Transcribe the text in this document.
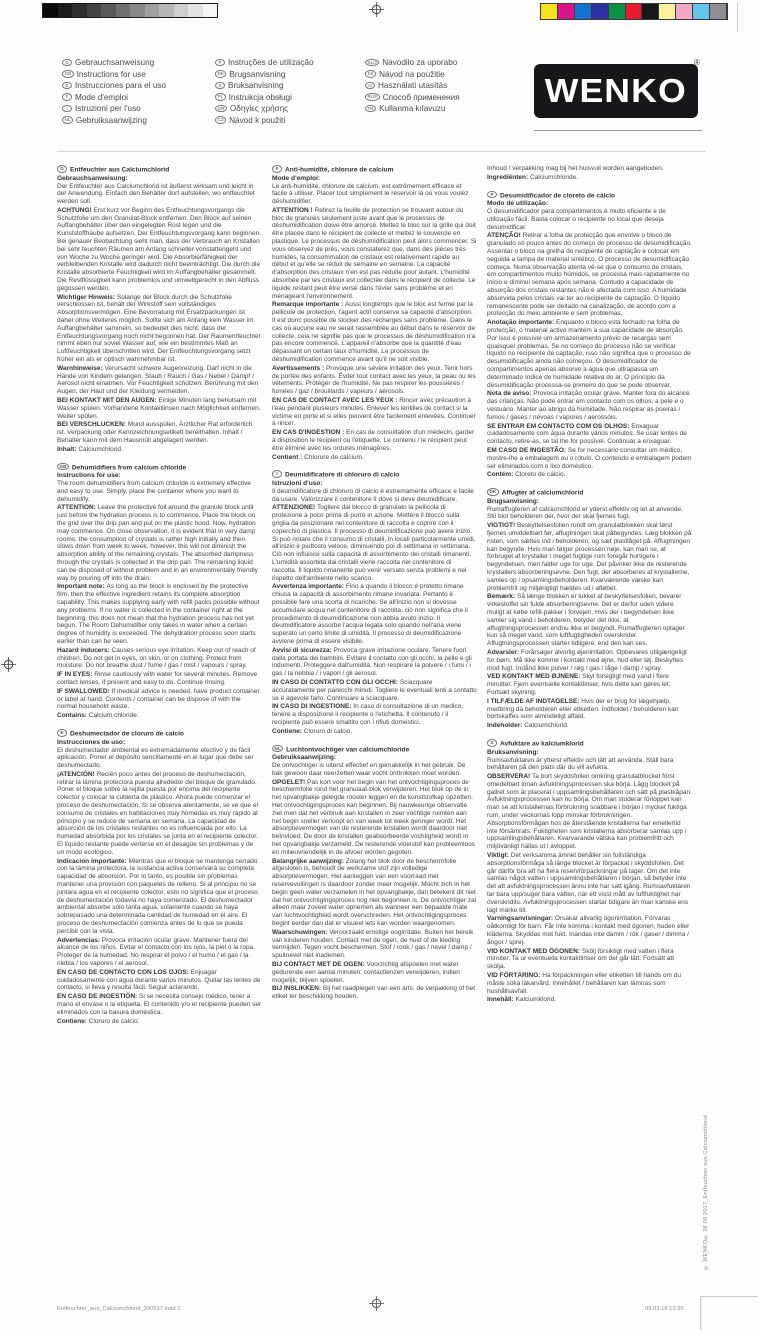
D Gebrauchsanweisung
GB Instructions for use
E Instrucciones para el uso
F Mode d'emploi
I Istruzioni per l'uso
NL Gebruiksaanwijzing
P Instruções de utilização
DK Brugsanvisning
S Bruksanvisning
PL Instrukcja obsługi
GR Οδηγίες χρήσης
CZ Návod k použití
SLO Navodilo za uporabo
SK Návod na použitie
H Használati utasítás
RUS Способ применения
TR Kullanma kılavuzu	WENKO
®
D Entfeuchter aus Calciumchlorid
Gebrauchsanweisung:
Der Entfeuchter aus Calciumchlorid ist äußerst wirksam und leicht in der Anwendung. Einfach den Behälter dort aufstellen, wo entfeuchtet werden soll.
ACHTUNG! Erst kurz vor Beginn des Entfeuchtungsvorgangs die Schutzfolie um den Granulat-Block entfernen. Den Block auf seinen Auffangbehälter über den eingelegten Rost legen und die Kunststoffhaube aufsetzen. Der Entfeuchtungsvorgang kann beginnen. Bei genauer Beobachtung sieht man, dass der Verbrauch an Kristallen bei sehr feuchten Räumen am Anfang schneller vonstattengeht und von Woche zu Woche geringer wird. Die Absorbierfähigkeit der verbleibenden Kristalle wird dadurch nicht beeinträchtigt. Die durch die Kristalle absorbierte Feuchtigkeit wird im Auffangbehälter gesammelt. Die Restflüssigkeit kann problemlos und umweltgerecht in den Abfluss gegossen werden.
Wichtiger Hinweis: Solange der Block durch die Schutzfolie verschlossen ist, behält der Wirkstoff sein vollständiges Absorptionsvermögen. Eine Bevorratung mit Ersatzpackungen ist daher ohne Weiteres möglich. Sollte sich am Anfang kein Wasser im Auffangbehälter sammeln, so bedeutet dies nicht, dass der Entfeuchtungsvorgang noch nicht begonnen hat. Der Raumentfeuchter nimmt eben nur soviel Wasser auf, wie ein bestimmtes Maß an Luftfeuchtigkeit überschritten wird. Der Entfeuchtungsvorgang setzt früher ein als er optisch wahrnehmbar ist.
Warnhinweise: Verursacht schwere Augenreizung. Darf nicht in die Hände von Kindern gelangen. Staub / Rauch / Gas / Nebel / Dampf / Aerosol nicht einatmen. Vor Feuchtigkeit schützen. Berührung mit den Augen, der Haut und der Kleidung vermeiden.
BEI KONTAKT MIT DEN AUGEN: Einige Minuten lang behutsam mit Wasser spülen. Vorhandene Kontaktlinsen nach Möglichkeit entfernen. Weiter spülen.
BEI VERSCHLUCKEN: Mund ausspülen. Ärztlicher Rat erforderlich ist. Verpackung oder Kennzeichnungsetikett bereithalten. Inhalt / Behälter kann mit dem Hausmüll abgelagert werden.
Inhalt: Calciumchlorid.
GB Dehumidifiers from calcium chloride
Instructions for use:
The room dehumidifiers from calcium chloride is extremely effective and easy to use. Simply, place the container where you want to dehumidify.
ATTENTION: Leave the protective foil around the granule block until just before the hydration process is to commence. Place the block on the grid over the drip pan and put on the plastic hood. Now, hydration may commence. On close observation, it is evident that in very damp rooms, the consumption of crystals is rather high initially and then slows down from week to week, however, this will not diminish the absorption ability of the remaining crystals. The absorbed dampness through the crystals is collected in the drip pan. The remaining liquid can be disposed of without problem and in an environmentally friendly way by pouring off into the drain.
Important note: As long as the block is enclosed by the protective film, then the effective ingredient retains its complete absorption capability. This makes supplying early with refill packs possible without any problems. If no water is collected in the container right at the beginning, this does not mean that the hydration process has not yet begun. The Room Dehumidifier only takes in water when a certain degree of humidity is exceeded. The dehydration process soon starts earlier than can be seen.
Hazard inducers: Causes serious eye irritation. Keep out of reach of children. Do not get in eyes, on skin, or on clothing. Protect from moisture. Do not breathe dust / fume / gas / mist / vapours / spray.
IF IN EYES: Rinse cautiously with water for several minutes. Remove contact lenses, if present and easy to do. Continue rinsing.
IF SWALLOWED: If medical advice is needed, have product container or label at hand. Contents / container can be dispose of with the normal household waste.
Contains: Calcium chloride.
E Deshumectador de cloruro de calcio
Instrucciones de uso:
El deshumectador ambiental es extremadamente efectivo y de fácil aplicación. Poner el depósito sencillamente en el lugar que debe ser deshumectado.
¡ATENCIÓN! Recién poco antes del proceso de deshumectación, retirar la lámina protectora puesta alrededor del bloque de granulado. Poner el bloque sobre la rejilla puesta por encima del recipiente colector y colocar la cubierta de plástico. Ahora puede comenzar el proceso de deshumectación. Si se observa atentamente, se ve que el consumo de cristales en habitaciones muy húmedas es muy rápido al principio y se reduce de semana en semana. La capacidad de absorción de los cristales restantes no es influenciada por ello. La humedad absorbida por los cristales se junta en el recipiente colector. El líquido restante puede verterse en el desagüe sin problemas y de un modo ecológico.
Indicación importante: Mientras que el bloque se mantenga cerrado con la lámina protectora, la sustancia activa conservará su completa capacidad de absorción. Por lo tanto, es posible sin problemas mantener una provisión con paquetes de relleno. Si al principio no se juntara agua en el recipiente colector, esto no significa que el proceso de deshumectación todavía no haya comenzado. El deshumectador ambiental absorbe sólo tanta agua, solamente cuando se haya sobrepasado una determinada cantidad de humedad en el aire. El proceso de deshumectación comienza antes de lo que se pueda percibir con la vista.
Advertencias: Provoca irritación ocular grave. Mantener fuera del alcance de los niños. Evitar el contacto con los ojos, la piel o la ropa. Proteger de la humedad. No respirar el polvo / el humo / el gas / la niebla / los vapores / el aerosol.
EN CASO DE CONTACTO CON LOS OJOS: Enjuagar cuidadosamente con agua durante varios minutos. Quitar las lentes de contacto, si lleva y resulta fácil. Seguir aclarando.
EN CASO DE INGESTIÓN: Si se necesita consejo médico, tener a mano el envase o la etiqueta. El contenido y/o el recipiente pueden ser eliminados con la basura doméstica.
Contiene: Cloruro de calcio.
F Anti-humidité, chlorure de calcium
Mode d'emploi:
Le anti-humidité, chlorure de calcium, est extrêmement efficace et facile à utiliser. Placer tout simplement le réservoir là où vous voulez déshumidifier.
ATTENTION ! Retirez la feuille de protection se trouvant autour du bloc de granulés seulement juste avant que le processus de déshumidification doive être amorcé. Mettez le bloc sur la grille qui doit être placée dans le récipient de collecte et mettez le couvercle en plastique. Le processus de déshumidification peut alors commencer. Si vous observez de près, vous constaterez que, dans des pièces très humides, la consommation de cristaux est relativement rapide au début et qu'elle se réduit de semaine en semaine. La capacité d'absorption des cristaux n'en est pas réduite pour autant. L'humidité absorbée par les cristaux est collectée dans le récipient de collecte. Le liquide restant peut être versé dans l'évier sans problème et en ménageant l'environnement.
Remarque importante : Aussi longtemps que le bloc est fermé par la pellicule de protection, l'agent actif conserve sa capacité d'absorption. Il est donc possible de stocker des recharges sans problème. Dans le cas où aucune eau ne serait rassemblée au début dans le réservoir de collecte, cela ne signifie pas que le processus de déshumidification n'a pas encore commencé. L'appareil n'absorbe que la quantité d'eau dépassant un certain taux d'humidité. Le processus de déshumidification commence avant qu'il ne soit visible.
Avertissements : Provoque une sévère irritation des yeux. Tenir hors de portée des enfants. Éviter tout contact avec les yeux, la peau ou les vêtements. Protéger de l'humidité. Ne pas respirer les poussières / fumées / gaz / brouillards / vapeurs / aérosols.
EN CAS DE CONTACT AVEC LES YEUX : Rincer avec précaution à l'eau pendant plusieurs minutes. Enlever les lentilles de contact si la victime en porte et si elles peuvent être facilement enlevées. Continuer à rincer.
EN CAS D'INGESTION : En cas de consultation d'un médecin, garder à disposition le récipient ou l'étiquette. Le contenu / le récipient peut être éliminé avec les ordures ménagères.
Contient : Chlorure de calcium.
I Deumidificatore di chloruro di calcio
Istruzioni d'uso:
Il deumidificatore di chloruro di calcio è estremamente efficace e facile da usare. Valorizzare il contenitore lì dove si deve deumidificare.
ATTENZIONE! Togliere dal blocco di granulato la pellicola di protezione a poco prima di porre in azione. Mettere il blocco sulla griglia da posizionare nel contenitore di raccolta e coprire con il coperchio di plastica. Il processo di deumidificazione può avere inizio. Si può notare che il consumo di cristalli, in locali particolarmente umidi, all'inizio è piuttosto veloce, diminuendo poi di settimana in settimana. Ciò non influisce sulla capacità di assorbimento dei cristalli rimanenti. L'umidità assorbita dai cristalli viene raccolta nel contenitore di raccolta. Il liquido rimanente può venir versato senza problemi e nel rispetto dell'ambiente nello scarico.
Avvertenza importante: Fino a quando il blocco è protetto rimane chiusa la capacità di assorbimento rimane invariata. Pertanto è possibile fare una scorta di ricariche. Se all'inizio non si dovesse accumulare acqua nel contenitore di raccolta, ciò non significa che il procedimento di deumidificazione non abbia avuto inizio. Il deumidificatore assorbe l'acqua legata solo quando nell'aria viene superato un certo limite di umidità. Il processo di deumidificazione avviene prima di essere visibile.
Avvisi di sicurezza: Provoca grave irritazione oculare. Tenere fuori dalla portata dei bambini. Evitare il contatto con gli occhi, la pelle e gli indumenti. Proteggere dall'umidità. Non respirare la polvere / i fumi / i gas / la nebbia / i vapori / gli aerosol.
IN CASO DI CONTATTO CON GLI OCCHI: Sciacquare accuratamente per parecchi minuti. Togliere le eventuali lenti a contatto se è agevole farlo. Continuare a sciacquare.
IN CASO DI INGESTIONE: In caso di consultazione di un medico, tenere a disposizione il recipiente o l'etichetta. Il contenuto / il recipiente può essere smaltito con i rifiuti domestici.
Contiene: Cloruro di calcio.
NL Luchtontvochtiger van calciumchloride
Gebruiksaanwijzing:
De ontvochtiger is uiterst effectief en gemakkelijk in het gebruik. De bak gewoon daar neerzetten waar vocht onttrokken moet worden.
OPGELET! Pas kort voor het begin van het ontvochtigingsproces de beschermfolie rond het granulaat-blok verwijderen. Het blok op de in het opvangbakje gelegde rooster leggen en de kunststofkap opzetten. Het ontvochtigingsproces kan beginnen. Bij nauwkeurige observatie ziet men dat het verbruik aan kristallen in zeer vochtige ruimten aan het begin sneller verloopt en van week tot week geringer wordt. Het absorptievermogen van de resterende kristallen wordt daardoor niet beïnvloed. De door de kristallen geabsorbeerde vochtigheid wordt in het opvangbakje verzameld. De resterende vloeistof kan probleemloos en milieuvriendelijk in de afvoer worden gegoten.
Belangrijke aanwijzing: Zolang het blok door de beschermfolie afgesloten is, behoudt de werkzame stof zijn volledige absorptievermogen. Het aanleggen van een voorraad met reservevullingen is daardoor zonder meer mogelijk. Mocht zich in het begin geen water verzamelen in het opvangbakje, dan betekent dit niet dat het ontvochtigingsproces nog niet begonnen is. De ontvochtiger zal alleen maar zoveel water opnemen als wanneer een bepaalde mate van luchtvochtigheid wordt overschreden. Het ontvochtigingsproces begint eerder dan dat er visueel iets kan worden waargenomen.
Waarschuwingen: Veroorzaakt ernstige oogirritatie. Buiten het bereik van kinderen houden. Contact met de ogen, de huid of de kleding vermijden. Tegen vocht beschermen. Stof / rook / gas / nevel / damp / spuitnevel niet inademen.
BIJ CONTACT MET DE OGEN: Voorzichtig afspoelen met water gedurende een aantal minuten; contactlenzen verwijderen, indien mogelijk; blijven spoelen.
BIJ INSLIKKEN: Bij het raadplegen van een arts: de verpakking of het etiket ter beschikking houden.
Inhoud / verpakking mag bij het huisvuil worden aangeboden.
Ingrediënten: Calciumchloride.
P Desumidificador de cloreto de cálcio
Modo de utilização:
O desumidificador para compartimentos é muito eficiente e de utilização fácil. Basta colocar o recipiente no local que deseja desumidificar.
ATENÇÃO! Retirar a folha de protecção que envolve o bloco de granulado só pouco antes do começo do processo de desumidificação. Assentar o bloco na grelha do recipiente de captação e colocar em seguida a tampa de material sintético. O processo de desumidificação começa. Numa observação atenta vê-se que o consumo de cristais, em compartimentos muito húmidos, se processa mais rapidamente no início e diminui semana após semana. Contudo a capacidade de absorção dos cristais restantes não é afectada com isso. A humidade absorvida pelos cristais vai ter ao recipiente de captação. O líquido remanescente pode ser deitado na canalização, de acordo com a protecção do meio ambiente e sem problemas.
Anotação importante: Enquanto o bloco está fechado na folha de protecção, o material activo mantém a sua capacidade de absorção. Por isso é possível um armazenamento prévio de recargas sem quaisquer problemas. Se no começo do processo não se verificar líquido no recipiente de captação, isso não significa que o processo de desumidificação ainda não começou. O desumidificador de compartimentos apenas absorve a água que ultrapassa um determinado índice de humidade relativa do ar. O princípio da desumidificação processa-se primeiro do que se pode observar.
Nota de aviso: Provoca irritação ocular grave. Manter fora do alcance das crianças. Não pode entrar em contacto com os olhos, a pele e o vestuário. Manter ao abrigo da humidade. Não respirar as poeiras / fumos / gases / névoas / vapores / aerossóis.
SE ENTRAR EM CONTACTO COM OS OLHOS: Enxaguar cuidadosamente com água durante vários minutos. Se usar lentes de contacto, retire-as, se tal lhe for possível. Continuar a enxaguar.
EM CASO DE INGESTÃO: Se for necessário consultar um médico, mostre-lhe a embalagem ou o rótulo. O conteúdo e embalagem podem ser eliminados com o lixo doméstico.
Contém: Cloreto de cálcio.
DK Affugter af calciumchlorid
Brugsanvisning:
Rumaffugteren af calciumchlorid er yderst effektiv og let at anvende. Stil blot beholderen dér, hvor der skal fjernes fugt.
VIGTIGT! Beskyttelsesfolien rundt om granulatblokken skal først fjernes umiddelbart før, affugtningen skal påbegyndes. Læg blokken på risten, som sættes ind i beholderen, og sæt plastlåget på. Affugtningen kan begynde. Hvis man følger processen nøje, kan man se, at forbruget af krystaller i meget fugtige rum foregår hurtigere i begyndelsen, men falder uge for uge. Det påvirker ikke de resterende krystallers absorberingsevne. Den fugt, der absorberes af krystallerne, samles op i opsamlingsbeholderen. Kvarværende væske kan problemfrit og miljørigtigt hældes ud i afløbet.
Bemærk: Så længe blokken er lukket af beskyttelsesfolien, bevarer virkestoffet sin fulde absorberingsevne. Det er derfor uden videre muligt at købe refill-pakker i forvejen. Hvis der i begyndelsen ikke samler sig vand i beholderen, betyder det ikke, at affugtningsprocessen endnu ikke er begyndt. Rumaffugteren optager kun så meget vand, som luftfugtigheden overskrider. Affugtningsprocessen starter tidligere, end den kan ses.
Advarsler: Forårsager alvorlig øjenirritation. Opbevares utilgængeligt for børn. Må ikke komme i kontakt med øjne, hud eller tøj. Beskyttes mod fugt. Indånd ikke pulver / røg / gas / tåge / damp / spray.
VED KONTAKT MED ØJNENE: Skyl forsigtigt med vand i flere minutter. Fjern eventuelle kontaktlinser, hvis dette kan gøres let. Fortsæt skylning.
I TILFÆLDE AF INDTAGELSE: Hvis der er brug for lægehjælp, medbring da beholderen eller etiketten. Indholdet / beholderen kan bortskaffes som almindeligt affald.
Indeholder: Calciumchlorid.
S Avfuktare av kalciumklorid
Bruksanvisning:
Rumsavfuktaren är ytterst effektiv och lätt att använda. Ställ bara behållaren på den plats där du vill avfukta.
OBSERVERA! Ta bort skyddsfolien omkring granulatblocket först omedelbart innan avfuktningsprocessen ska börja. Lägg blocket på gallret som är placerat i uppsamlingsbehållaren och sätt på plastkåpan. Avfuktningsprocessen kan nu börja. Om man studerar förloppet kan man se att kristallernas förbrukning snabbare i början i mycket fuktiga rum, under veckornas lopp minskar förbrukningen. Absorptionsförmågan hos de återstående kristallerna har emellertid inte försämrats. Fuktigheten som kristallerna absorberar samlas upp i uppsamlingsbehållaren. Kvarvarande vätska kan problemfritt och miljövänligt hällas ut i avloppet.
Viktigt: Det verksamma ämnet behåller sin fullständiga absorptionsförmåga så länge blocket är förpackat i skyddsfolien. Det går därför bra att ha flera reservförpackningar på lager. Om det inte samlas något vatten i uppsamlingsbehållaren i början, så betyder inte det att avfuktningsprocessen ännu inte har satt igång. Rumsavfuktaren tar bara upp/suger bara vatten, när ett visst mått av luftfuktighet har överskridits. Avfuktningsprocessen startar tidigare än man kanske ens lagt märke till.
Varningsanvisningar: Orsakar allvarlig ögonirritation. Förvaras oåtkomligt för barn. Får inte komma i kontakt med ögonen, huden eller kläderna. Skyddas mot fukt. Inandas inte damm / rök / gaser / dimma / ångor / sprej.
VID KONTAKT MED ÖGONEN: Skölj försiktigt med vatten i flera minuter. Ta ur eventuella kontaktlinser om det går lätt. Fortsätt att skölja.
VID FÖRTÄRING: Ha förpackningen eller etiketten till hands om du måste söka läkarvård. Innehållet / behållaren kan lämnas som hushållsavfall.
Innehåll: Kalciumklorid.
Entfeuchter_aus_Calciumchlorid_390517.indd 1	09.03.18 13:35
© WENKO® 36 08 2017_Entfeuchter aus Calciumchlorid
